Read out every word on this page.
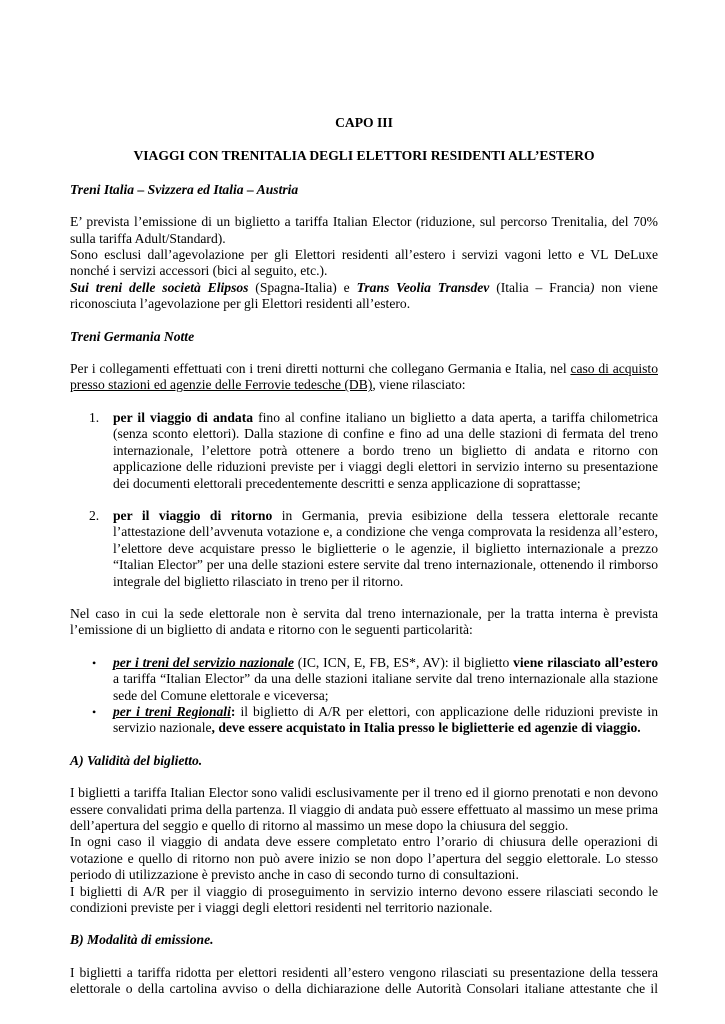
CAPO III

VIAGGI CON TRENITALIA DEGLI ELETTORI RESIDENTI ALL’ESTERO

Treni Italia – Svizzera ed Italia – Austria

E’ prevista l’emissione di un biglietto a tariffa Italian Elector (riduzione, sul percorso Trenitalia, del 70% sulla tariffa Adult/Standard).

Sono esclusi dall’agevolazione per gli Elettori residenti all’estero i servizi vagoni letto e VL DeLuxe nonché i servizi accessori (bici al seguito, etc.).

Sui treni delle società Elipsos (Spagna-Italia) e Trans Veolia Transdev (Italia – Francia) non viene riconosciuta l’agevolazione per gli Elettori residenti all’estero.

Treni Germania Notte

Per i collegamenti effettuati con i treni diretti notturni che collegano Germania e Italia, nel caso di acquisto presso stazioni ed agenzie delle Ferrovie tedesche (DB), viene rilasciato:

1. per il viaggio di andata fino al confine italiano un biglietto a data aperta, a tariffa chilometrica (senza sconto elettori). Dalla stazione di confine e fino ad una delle stazioni di fermata del treno internazionale, l’elettore potrà ottenere a bordo treno un biglietto di andata e ritorno con applicazione delle riduzioni previste per i viaggi degli elettori in servizio interno su presentazione dei documenti elettorali precedentemente descritti e senza applicazione di soprattasse;
2. per il viaggio di ritorno in Germania, previa esibizione della tessera elettorale recante l’attestazione dell’avvenuta votazione e, a condizione che venga comprovata la residenza all’estero, l’elettore deve acquistare presso le biglietterie o le agenzie, il biglietto internazionale a prezzo “Italian Elector” per una delle stazioni estere servite dal treno internazionale, ottenendo il rimborso integrale del biglietto rilasciato in treno per il ritorno.

Nel caso in cui la sede elettorale non è servita dal treno internazionale, per la tratta interna è prevista l’emissione di un biglietto di andata e ritorno con le seguenti particolarità:

• per i treni del servizio nazionale (IC, ICN, E, FB, ES*, AV): il biglietto viene rilasciato all’estero a tariffa “Italian Elector” da una delle stazioni italiane servite dal treno internazionale alla stazione sede del Comune elettorale e viceversa;
• per i treni Regionali: il biglietto di A/R per elettori, con applicazione delle riduzioni previste in servizio nazionale, deve essere acquistato in Italia presso le biglietterie ed agenzie di viaggio.

A) Validità del biglietto.

I biglietti a tariffa Italian Elector sono validi esclusivamente per il treno ed il giorno prenotati e non devono essere convalidati prima della partenza. Il viaggio di andata può essere effettuato al massimo un mese prima dell’apertura del seggio e quello di ritorno al massimo un mese dopo la chiusura del seggio.

In ogni caso il viaggio di andata deve essere completato entro l’orario di chiusura delle operazioni di votazione e quello di ritorno non può avere inizio se non dopo l’apertura del seggio elettorale. Lo stesso periodo di utilizzazione è previsto anche in caso di secondo turno di consultazioni.

I biglietti di A/R per il viaggio di proseguimento in servizio interno devono essere rilasciati secondo le condizioni previste per i viaggi degli elettori residenti nel territorio nazionale.

B) Modalità di emissione.

I biglietti a tariffa ridotta per elettori residenti all’estero vengono rilasciati su presentazione della tessera elettorale o della cartolina avviso o della dichiarazione delle Autorità Consolari italiane attestante che il
